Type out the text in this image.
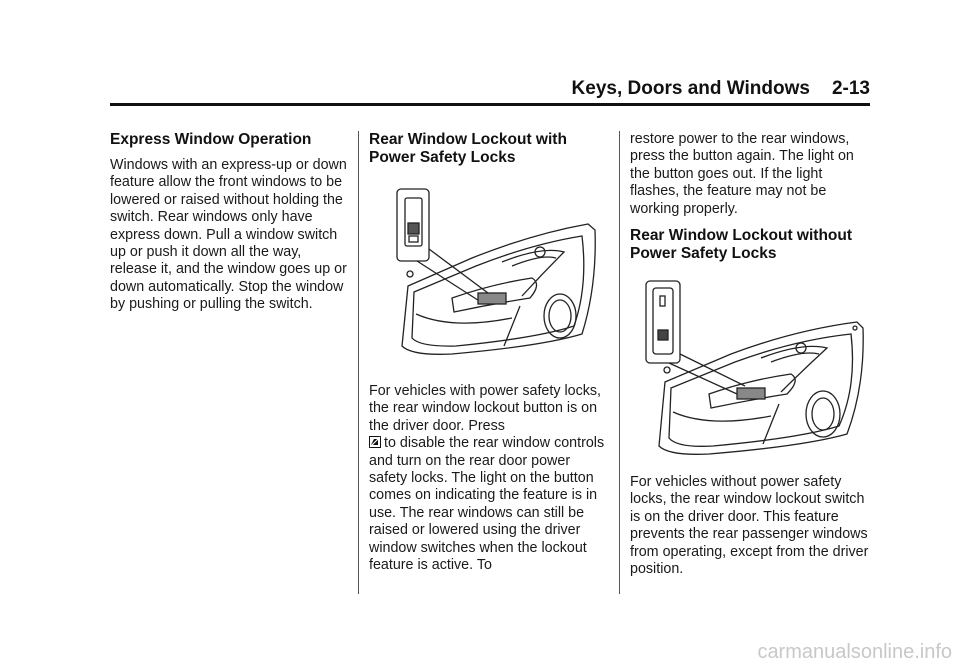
Keys, Doors and Windows 2-13
Express Window Operation

Windows with an express-up or down feature allow the front windows to be lowered or raised without holding the switch. Rear windows only have express down. Pull a window switch up or push it down all the way, release it, and the window goes up or down automatically. Stop the window by pushing or pulling the switch.

Rear Window Lockout with Power Safety Locks

For vehicles with power safety locks, the rear window lockout button is on the driver door. Press
to disable the rear window controls and turn on the rear door power safety locks. The light on the button comes on indicating the feature is in use. The rear windows can still be raised or lowered using the driver window switches when the lockout feature is active. To

restore power to the rear windows, press the button again. The light on the button goes out. If the light flashes, the feature may not be working properly.

Rear Window Lockout without Power Safety Locks

For vehicles without power safety locks, the rear window lockout switch is on the driver door. This feature prevents the rear passenger windows from operating, except from the driver position.

carmanualsonline.info
